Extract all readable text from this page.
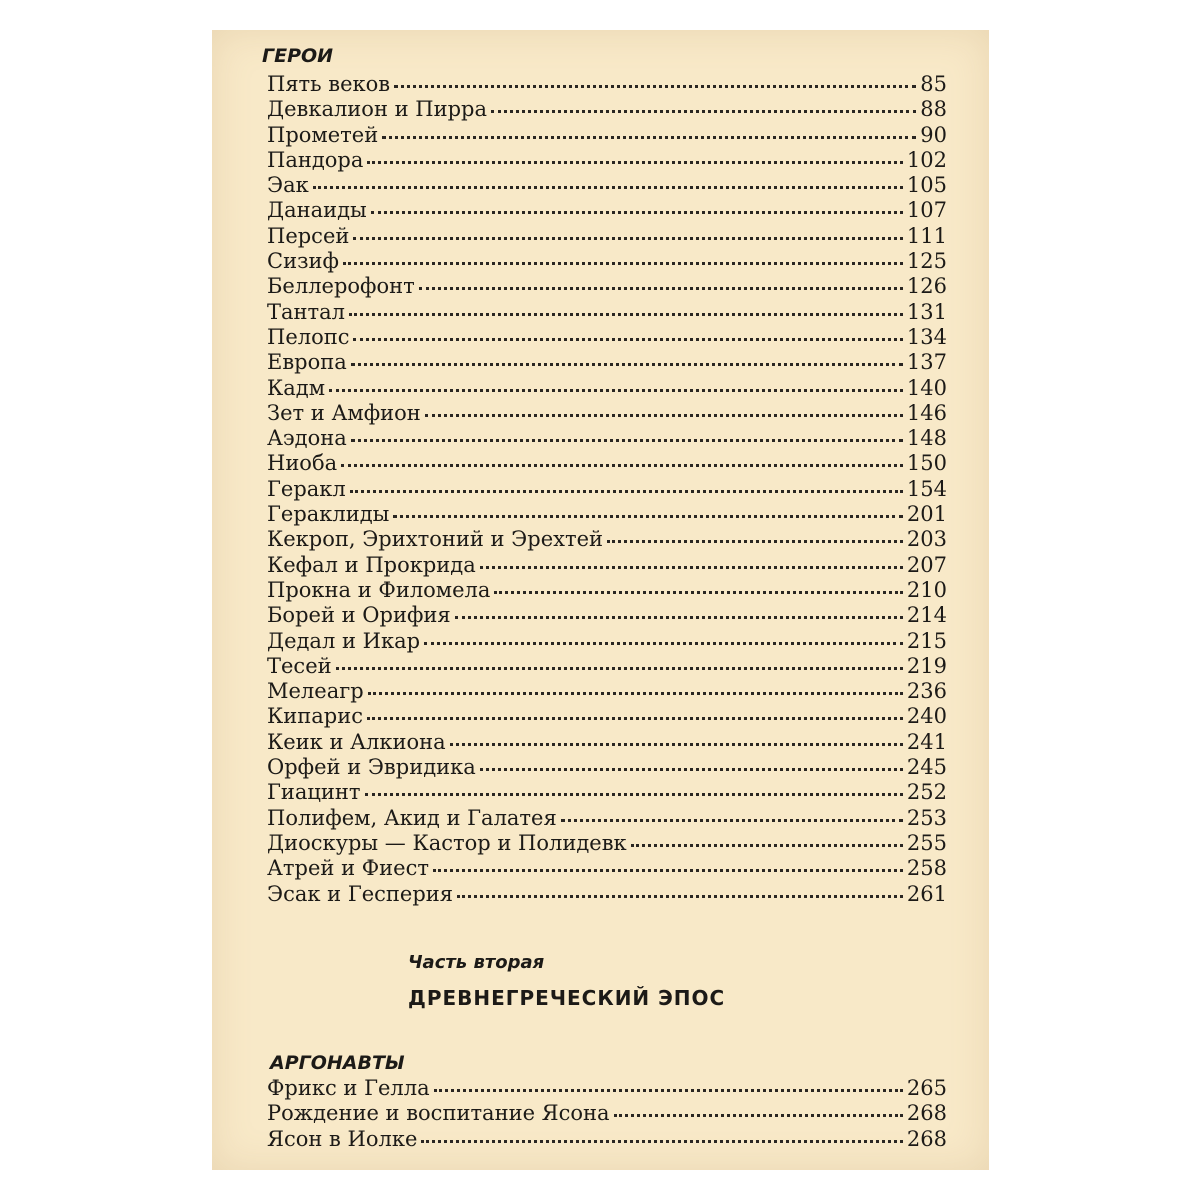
ГЕРОИ
Пять веков	85
Девкалион и Пирра	88
Прометей	90
Пандора	102
Эак	105
Данаиды	107
Персей	111
Сизиф	125
Беллерофонт	126
Тантал	131
Пелопс	134
Европа	137
Кадм	140
Зет и Амфион	146
Аэдона	148
Ниоба	150
Геракл	154
Гераклиды	201
Кекроп, Эрихтоний и Эрехтей	203
Кефал и Прокрида	207
Прокна и Филомела	210
Борей и Орифия	214
Дедал и Икар	215
Тесей	219
Мелеагр	236
Кипарис	240
Кеик и Алкиона	241
Орфей и Эвридика	245
Гиацинт	252
Полифем, Акид и Галатея	253
Диоскуры — Кастор и Полидевк	255
Атрей и Фиест	258
Эсак и Гесперия	261

Часть вторая

ДРЕВНЕГРЕЧЕСКИЙ ЭПОС
АРГОНАВТЫ
Фрикс и Гелла	265
Рождение и воспитание Ясона	268
Ясон в Иолке	268
